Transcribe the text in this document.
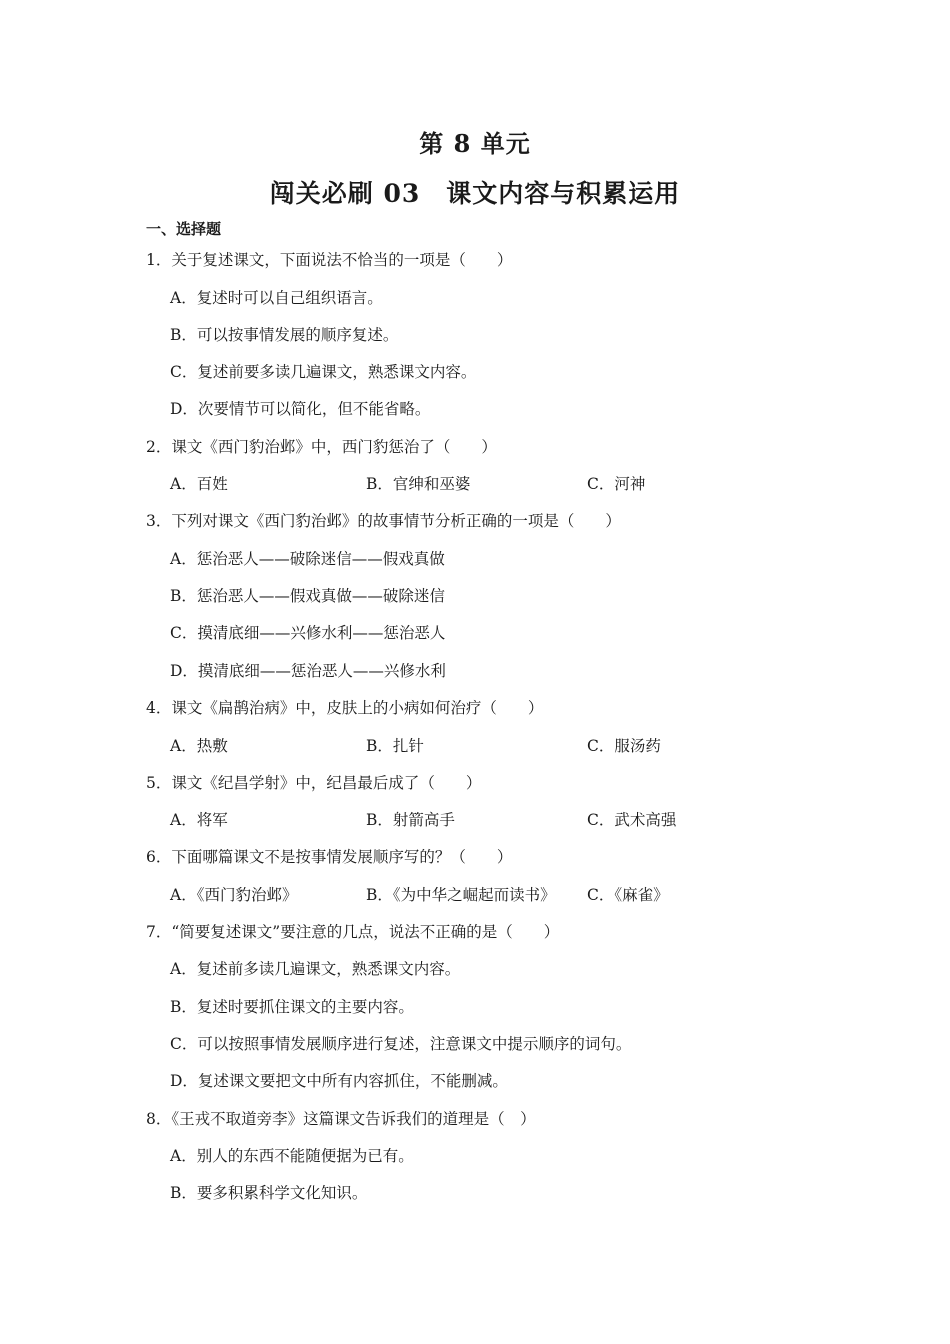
第 8 单元
闯关必刷 03　课文内容与积累运用
一、选择题
1．关于复述课文，下面说法不恰当的一项是（　　）
A．复述时可以自己组织语言。
B．可以按事情发展的顺序复述。
C．复述前要多读几遍课文，熟悉课文内容。
D．次要情节可以简化，但不能省略。
2．课文《西门豹治邺》中，西门豹惩治了（　　）
A．百姓	B．官绅和巫婆	C．河神
3．下列对课文《西门豹治邺》的故事情节分析正确的一项是（　　）
A．惩治恶人——破除迷信——假戏真做
B．惩治恶人——假戏真做——破除迷信
C．摸清底细——兴修水利——惩治恶人
D．摸清底细——惩治恶人——兴修水利
4．课文《扁鹊治病》中，皮肤上的小病如何治疗（　　）
A．热敷	B．扎针	C．服汤药
5．课文《纪昌学射》中，纪昌最后成了（　　）
A．将军	B．射箭高手	C．武术高强
6．下面哪篇课文不是按事情发展顺序写的？（　　）
A．《西门豹治邺》	B．《为中华之崛起而读书》 C．《麻雀》
7．“简要复述课文”要注意的几点，说法不正确的是（　　）
A．复述前多读几遍课文，熟悉课文内容。
B．复述时要抓住课文的主要内容。
C．可以按照事情发展顺序进行复述，注意课文中提示顺序的词句。
D．复述课文要把文中所有内容抓住，不能删减。
8．《王戎不取道旁李》这篇课文告诉我们的道理是（　）
A．别人的东西不能随便据为已有。
B．要多积累科学文化知识。
